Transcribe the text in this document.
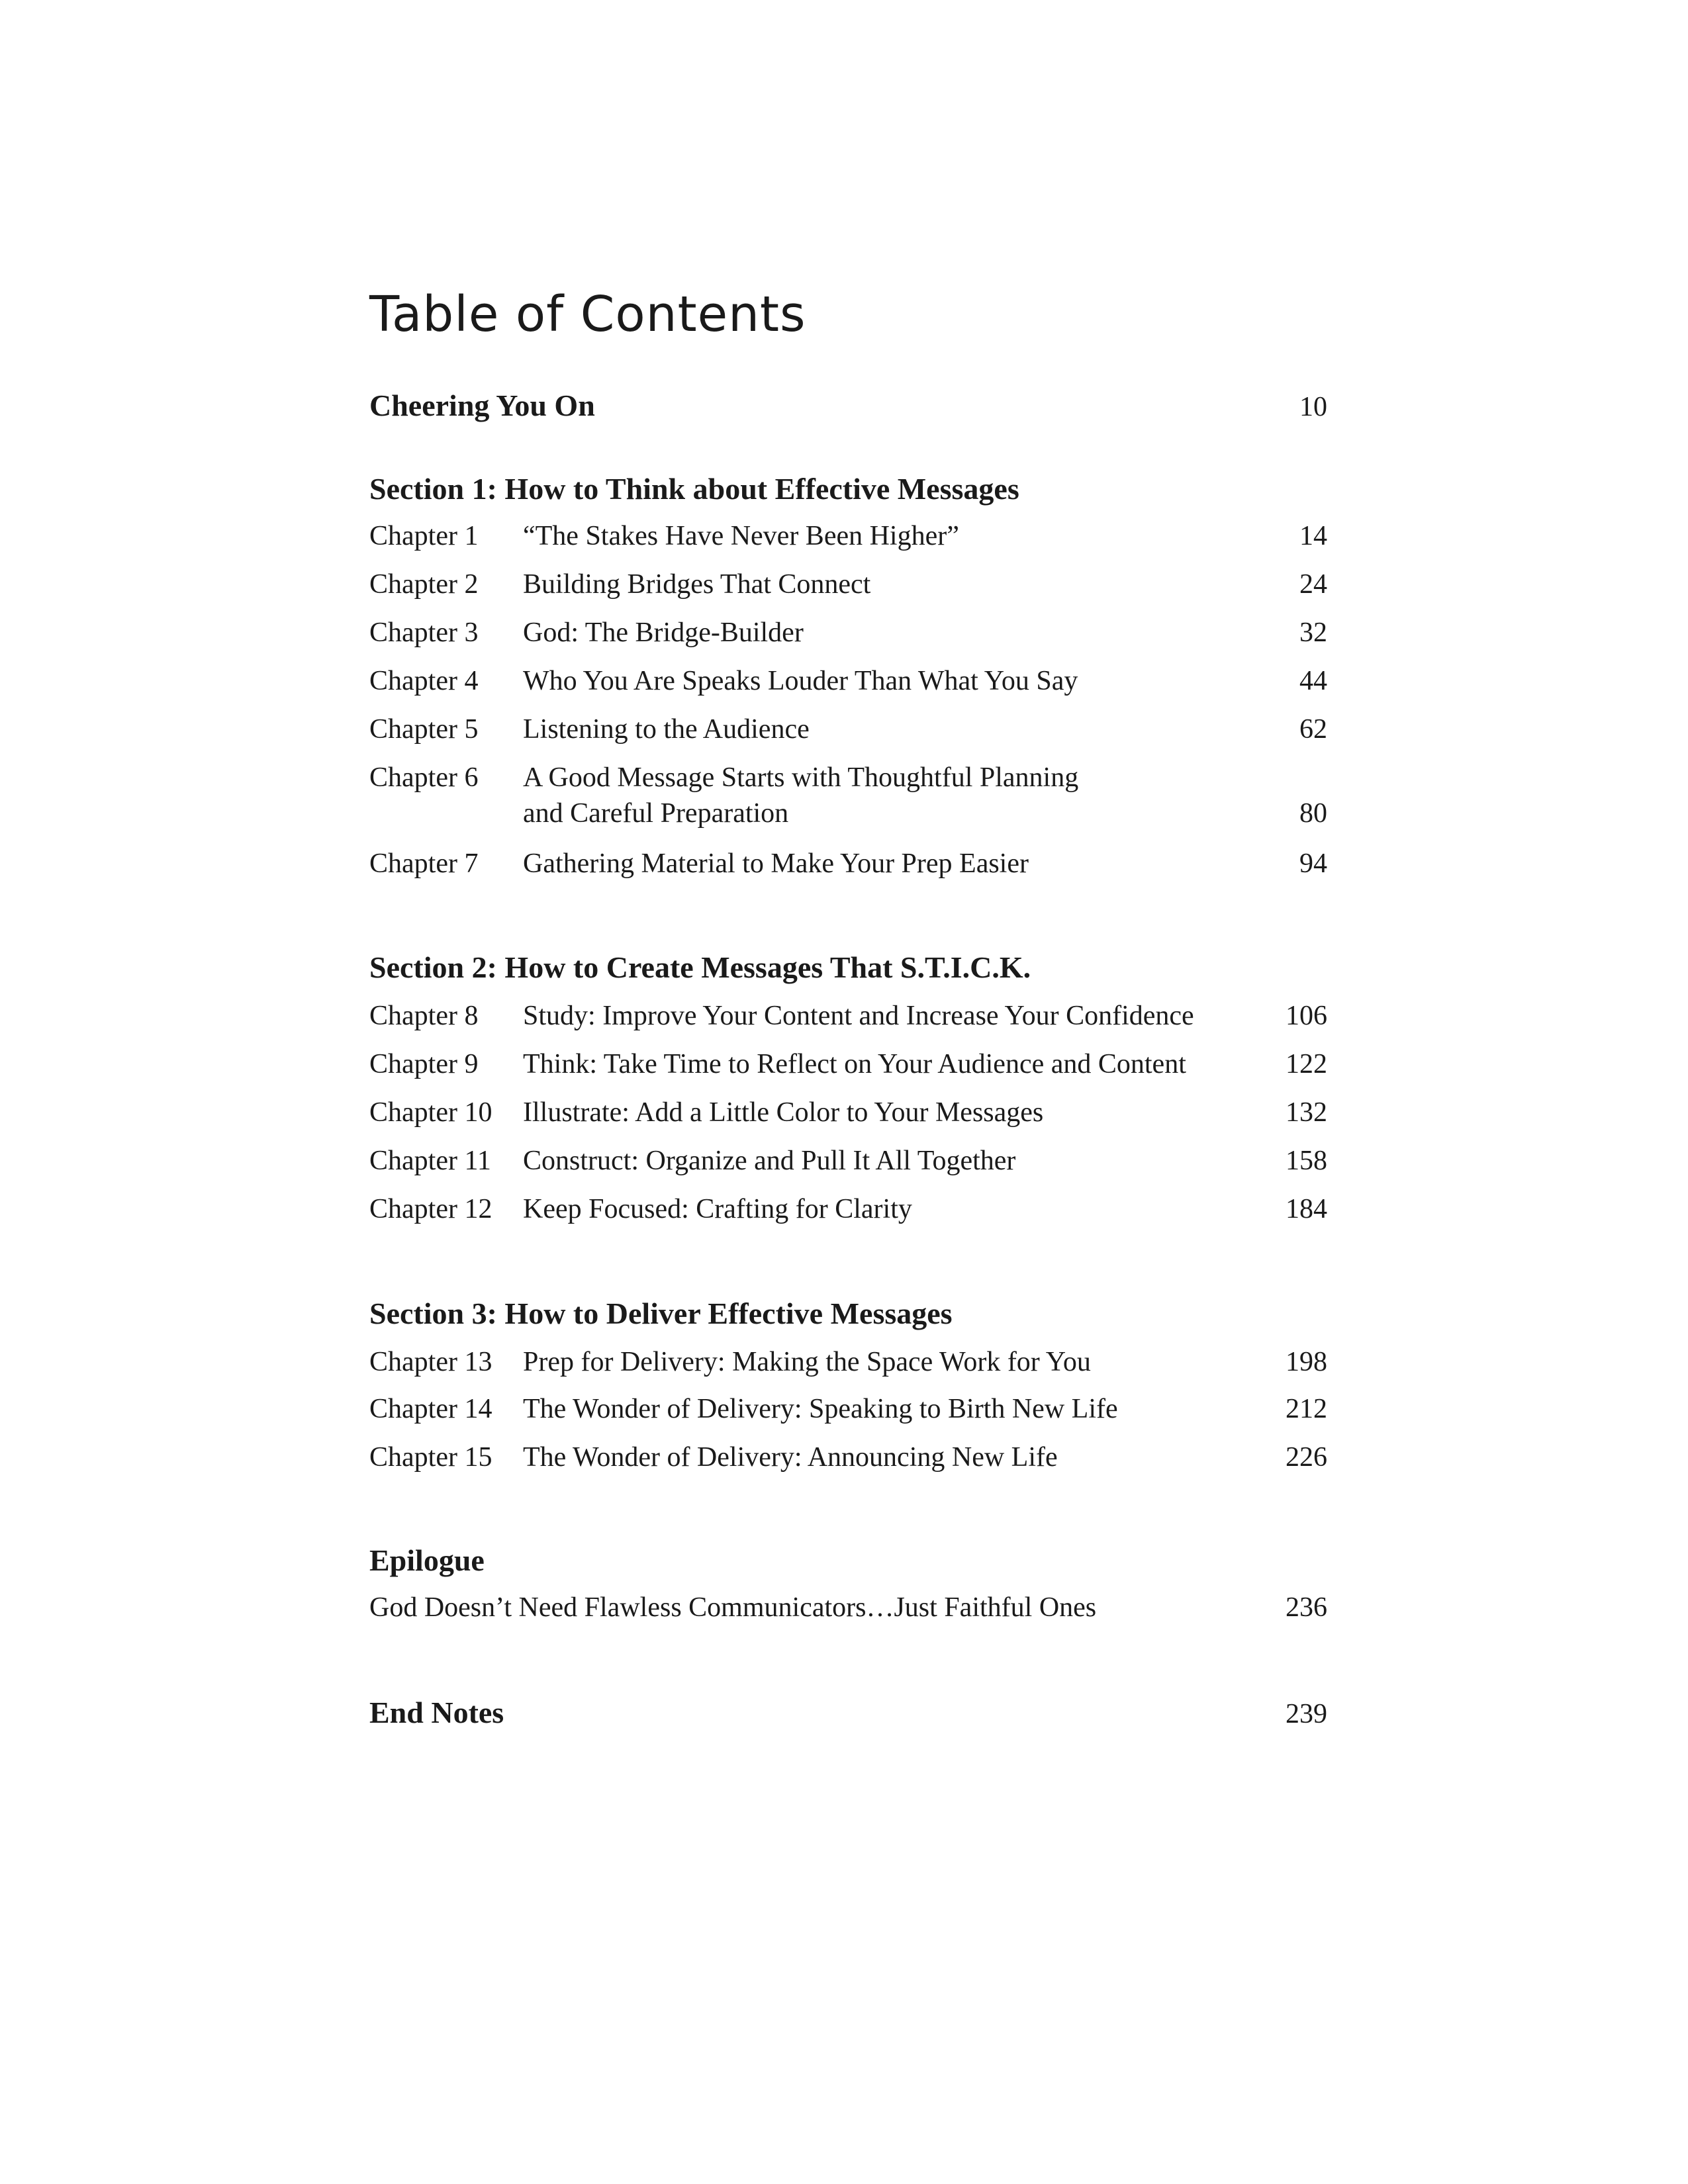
Table of Contents
Cheering You On	10
Section 1: How to Think about Effective Messages
Chapter 1 “The Stakes Have Never Been Higher”	14
Chapter 2 Building Bridges That Connect	24
Chapter 3 God: The Bridge-Builder	32
Chapter 4 Who You Are Speaks Louder Than What You Say	44
Chapter 5 Listening to the Audience	62
Chapter 6 A Good Message Starts with Thoughtful Planning
and Careful Preparation	80
Chapter 7 Gathering Material to Make Your Prep Easier	94
Section 2: How to Create Messages That S.T.I.C.K.
Chapter 8 Study: Improve Your Content and Increase Your Confidence	106
Chapter 9 Think: Take Time to Reflect on Your Audience and Content	122
Chapter 10 Illustrate: Add a Little Color to Your Messages	132
Chapter 11 Construct: Organize and Pull It All Together	158
Chapter 12 Keep Focused: Crafting for Clarity	184
Section 3: How to Deliver Effective Messages
Chapter 13 Prep for Delivery: Making the Space Work for You	198
Chapter 14 The Wonder of Delivery: Speaking to Birth New Life	212
Chapter 15 The Wonder of Delivery: Announcing New Life	226
Epilogue
God Doesn’t Need Flawless Communicators…Just Faithful Ones	236
End Notes	239
